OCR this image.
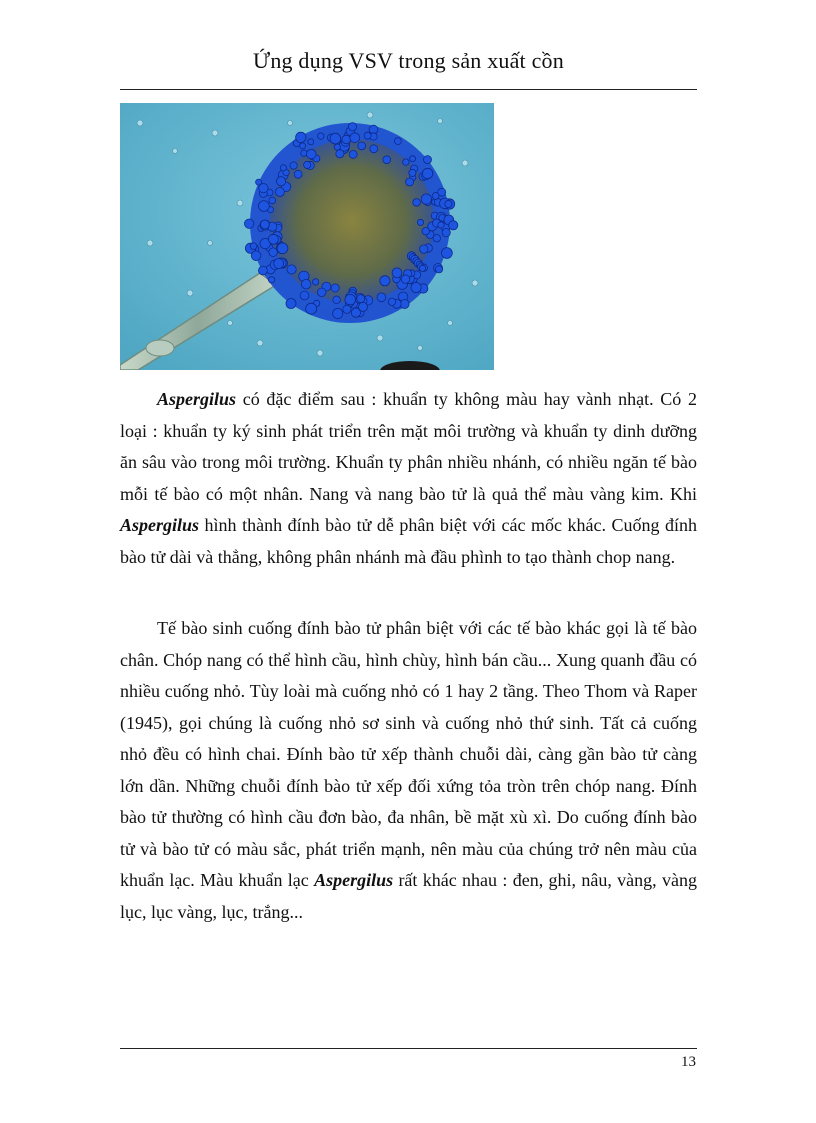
Ứng dụng VSV trong sản xuất cồn

Aspergilus có đặc điểm sau : khuẩn ty không màu hay vành nhạt. Có 2 loại : khuẩn ty ký sinh phát triển trên mặt môi trường và khuẩn ty dinh dưỡng ăn sâu vào trong môi trường. Khuẩn ty phân nhiều nhánh, có nhiều ngăn tế bào mỗi tế bào có một nhân. Nang và nang bào tử là quả thể màu vàng kim. Khi Aspergilus hình thành đính bào tử dễ phân biệt với các mốc khác. Cuống đính bào tử dài và thẳng, không phân nhánh mà đầu phình to tạo thành chop nang.

Tế bào sinh cuống đính bào tử phân biệt với các tế bào khác gọi là tế bào chân. Chóp nang có thể hình cầu, hình chùy, hình bán cầu... Xung quanh đầu có nhiều cuống nhỏ. Tùy loài mà cuống nhỏ có 1 hay 2 tầng. Theo Thom và Raper (1945), gọi chúng là cuống nhỏ sơ sinh và cuống nhỏ thứ sinh. Tất cả cuống nhỏ đều có hình chai. Đính bào tử xếp thành chuỗi dài, càng gần bào tử càng lớn dần. Những chuỗi đính bào tử xếp đối xứng tỏa tròn trên chóp nang. Đính bào tử thường có hình cầu đơn bào, đa nhân, bề mặt xù xì. Do cuống đính bào tử và bào tử có màu sắc, phát triển mạnh, nên màu của chúng trở nên màu của khuẩn lạc. Màu khuẩn lạc Aspergilus rất khác nhau : đen, ghi, nâu, vàng, vàng lục, lục vàng, lục, trắng...

13
